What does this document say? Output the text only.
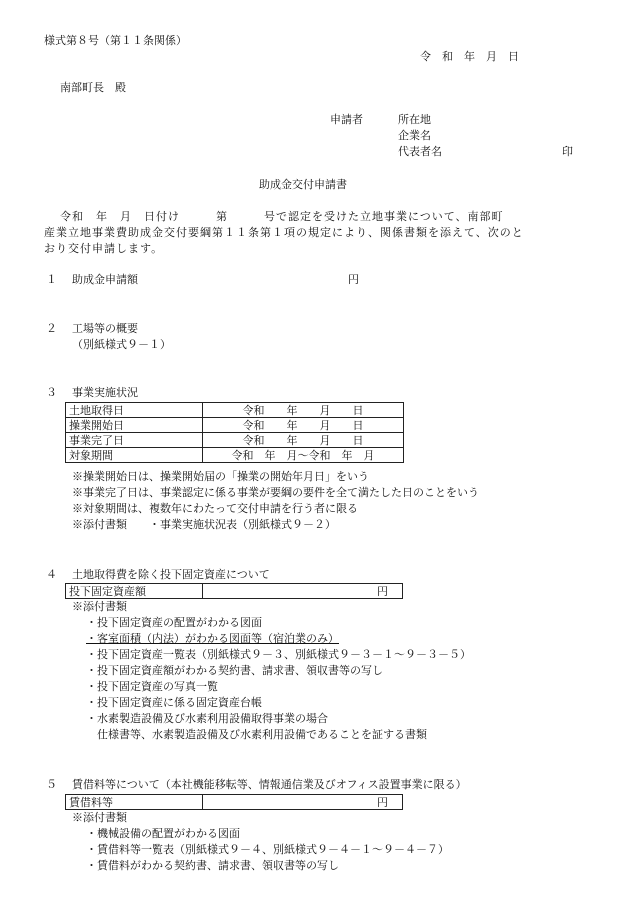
様式第８号（第１１条関係）
令　和　年　月　日
南部町長　殿
申請者	所在地
企業名
代表者名	印
助成金交付申請書
令和　年　月　日付け　　　第　　　号で認定を受けた立地事業について、南部町
産業立地事業費助成金交付要綱第１１条第１項の規定により、関係書類を添えて、次のと
おり交付申請します。
１ 助成金申請額	円
２ 工場等の概要
（別紙様式９－１）
３ 事業実施状況
土地取得日	令和　　年　　月　　日
操業開始日	令和　　年　　月　　日
事業完了日	令和　　年　　月　　日
対象期間	令和　年　月～令和　年　月
※操業開始日は、操業開始届の「操業の開始年月日」をいう
※事業完了日は、事業認定に係る事業が要綱の要件を全て満たした日のことをいう
※対象期間は、複数年にわたって交付申請を行う者に限る
※添付書類　　・事業実施状況表（別紙様式９－２）
４ 土地取得費を除く投下固定資産について
投下固定資産額	円
※添付書類
・投下固定資産の配置がわかる図面
・客室面積（内法）がわかる図面等（宿泊業のみ）
・投下固定資産一覧表（別紙様式９－３、別紙様式９－３－１～９－３－５）
・投下固定資産額がわかる契約書、請求書、領収書等の写し
・投下固定資産の写真一覧
・投下固定資産に係る固定資産台帳
・水素製造設備及び水素利用設備取得事業の場合
仕様書等、水素製造設備及び水素利用設備であることを証する書類
５ 賃借料等について（本社機能移転等、情報通信業及びオフィス設置事業に限る）
賃借料等	円
※添付書類
・機械設備の配置がわかる図面
・賃借料等一覧表（別紙様式９－４、別紙様式９－４－１～９－４－７）
・賃借料がわかる契約書、請求書、領収書等の写し
